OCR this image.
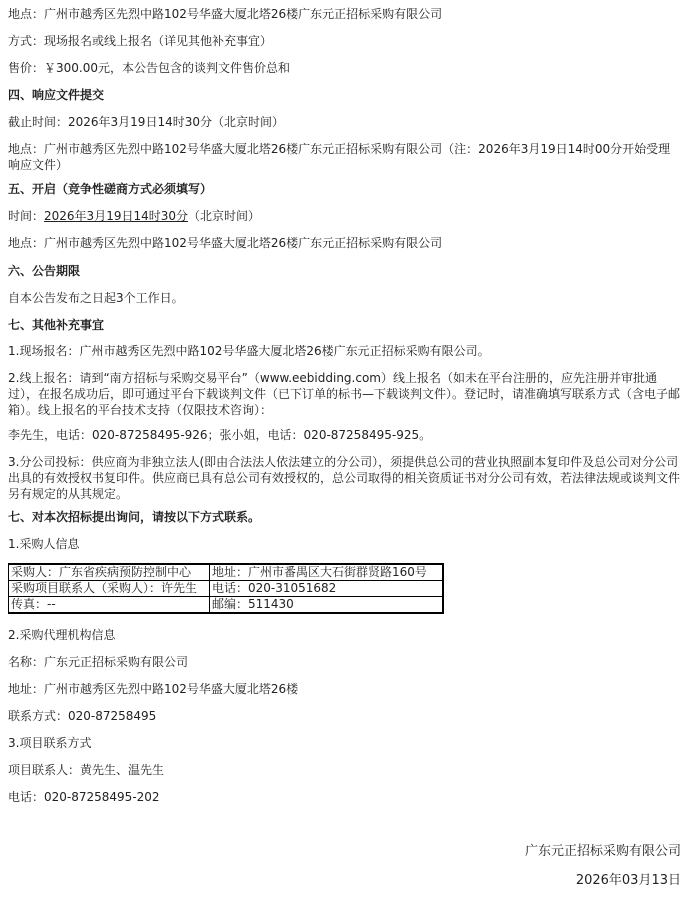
地点：广州市越秀区先烈中路102号华盛大厦北塔26楼广东元正招标采购有限公司
方式：现场报名或线上报名（详见其他补充事宜）
售价：￥300.00元，本公告包含的谈判文件售价总和
四、响应文件提交
截止时间：2026年3月19日14时30分（北京时间）
地点：广州市越秀区先烈中路102号华盛大厦北塔26楼广东元正招标采购有限公司（注：2026年3月19日14时00分开始受理响应文件）
五、开启（竞争性磋商方式必须填写）
时间：2026年3月19日14时30分（北京时间）
地点：广州市越秀区先烈中路102号华盛大厦北塔26楼广东元正招标采购有限公司
六、公告期限
自本公告发布之日起3个工作日。
七、其他补充事宜
1.现场报名：广州市越秀区先烈中路102号华盛大厦北塔26楼广东元正招标采购有限公司。
2.线上报名：请到“南方招标与采购交易平台”（www.eebidding.com）线上报名（如未在平台注册的，应先注册并审批通过），在报名成功后，即可通过平台下载谈判文件（已下订单的标书—下载谈判文件）。登记时，请准确填写联系方式（含电子邮箱）。线上报名的平台技术支持（仅限技术咨询）：
李先生，电话：020-87258495-926；张小姐，电话：020-87258495-925。
3.分公司投标：供应商为非独立法人(即由合法法人依法建立的分公司），须提供总公司的营业执照副本复印件及总公司对分公司出具的有效授权书复印件。供应商已具有总公司有效授权的，总公司取得的相关资质证书对分公司有效，若法律法规或谈判文件另有规定的从其规定。
七、对本次招标提出询问，请按以下方式联系。
1.采购人信息
采购人：广东省疾病预防控制中心	地址：广州市番禺区大石街群贤路160号
采购项目联系人（采购人）：许先生	电话：020-31051682
传真：--	邮编：511430
2.采购代理机构信息
名称：广东元正招标采购有限公司
地址：广州市越秀区先烈中路102号华盛大厦北塔26楼
联系方式：020-87258495
3.项目联系方式
项目联系人：黄先生、温先生
电话：020-87258495-202
广东元正招标采购有限公司
2026年03月13日
